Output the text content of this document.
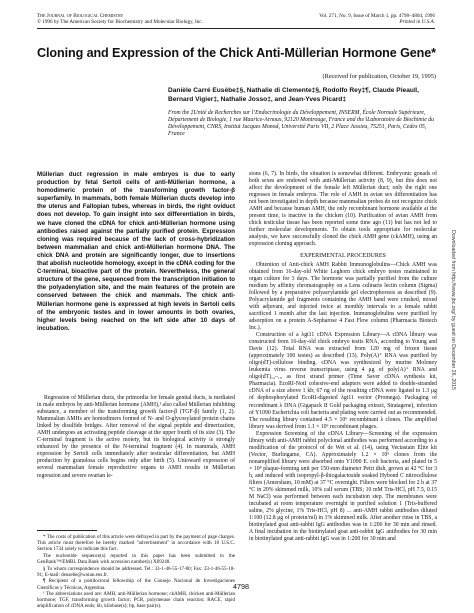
The Journal of Biological Chemistry
© 1996 by The American Society for Biochemistry and Molecular Biology, Inc.
Vol. 271, No. 9, Issue of March 1, pp. 4798–4804, 1996
Printed in U.S.A.
Cloning and Expression of the Chick Anti-Müllerian Hormone Gene*
(Received for publication, October 19, 1995)
Danièle Carré Eusèbe‡§, Nathalie di Clemente‡§, Rodolfo Rey‡¶, Claude Pieau‖, Bernard Vigier‡, Nathalie Josso‡, and Jean-Yves Picard‡
From the ‡Unité de Recherches sur l’Endocrinologie du Développement, INSERM, École Normale Supérieure, Département de Biologie, 1 rue Maurice-Arnoux, 92120 Montrouge, France and the ‖Laboratoire de Biochimie du Développement, CNRS, Institut Jacques Monod, Université Paris VII, 2 Place Jussieu, 75251, Paris, Cedex 05, France
Müllerian duct regression in male embryos is due to early production by fetal Sertoli cells of anti-Müllerian hormone, a homodimeric protein of the transforming growth factor-β superfamily. In mammals, both female Müllerian ducts develop into the uterus and Fallopian tubes, whereas in birds, the right oviduct does not develop. To gain insight into sex differentiation in birds, we have cloned the cDNA for chick anti-Müllerian hormone using antibodies raised against the partially purified protein. Expression cloning was required because of the lack of cross-hybridization between mammalian and chick anti-Müllerian hormone DNA. The chick DNA and protein are significantly longer, due to insertions that abolish nucleotide homology, except in the cDNA coding for the C-terminal, bioactive part of the protein. Nevertheless, the general structure of the gene, sequenced from the transcription initiation to the polyadenylation site, and the main features of the protein are conserved between the chick and mammals. The chick anti-Müllerian hormone gene is expressed at high levels in Sertoli cells of the embryonic testes and in lower amounts in both ovaries, higher levels being reached on the left side after 10 days of incubation.

Regression of Müllerian ducts, the primordia for female genital ducts, is mediated in male embryos by anti-Müllerian hormone (AMH),¹ also called Müllerian inhibiting substance, a member of the transforming growth factor-β (TGF-β) family (1, 2). Mammalian AMHs are homodimers formed of N- and O-glycosylated protein chains linked by disulfide bridges. After removal of the signal peptide and dimerization, AMH undergoes an activating peptide cleavage at the upper fourth of its size (3). The C-terminal fragment is the active moiety, but its biological activity is strongly enhanced by the presence of the N-terminal fragment (4). In mammals, AMH expression by Sertoli cells immediately after testicular differentiation, but AMH production by granulosa cells begins only after birth (5). Untoward expression of several mammalian female reproductive organs to AMH results in Müllerian regression and severe ovarian le-

sions (6, 7). In birds, the situation is somewhat different. Embryonic gonads of both sexes are endowed with anti-Müllerian activity (8, 9), but this does not affect the development of the female left Müllerian duct; only the right one regresses in female embryos. The role of AMH in avian sex differentiation has not been investigated in depth because mammalian probes do not recognize chick AMH and because human AMH, the only recombinant hormone available at the present time, is inactive in the chicken (10). Purification of avian AMH from chick testicular tissue has been reported some time ago (11) but has not led to further molecular developments. To obtain tools appropriate for molecular analysis, we have successfully cloned the chick AMH gene (ckAMH), using an expression cloning approach.

EXPERIMENTAL PROCEDURES

Obtention of Anti-chick AMH Rabbit Immunoglobulins—Chick AMH was obtained from 16-day-old White Leghorn chick embryo testes maintained in organ culture for 3 days. The hormone was partially purified from the culture medium by affinity chromatography on a Lens culinaris lectin column (Sigma) followed by a preparative polyacrylamide gel electrophoresis as described (9). Polyacrylamide gel fragments containing the AMH band were crushed, mixed with adjuvant, and injected twice at monthly intervals to a female rabbit sacrificed 1 month after the last injection. Immunoglobulins were purified by adsorption on a protein A-Sepharose 4 Fast Flow column (Pharmacia Biotech Inc.).

Construction of a λgt11 cDNA Expression Library—A cDNA library was constructed from 16-day-old chick embryo testis RNA, according to Young and Davis (12). Total RNA was extracted from 120 mg of frozen tissue (approximately 100 testes) as described (13). Poly(A)⁺ RNA was purified by oligo(dT)-cellulose binding. cDNA was synthesized by murine Moloney leukemia virus reverse transcriptase, using 4 μg of poly(A)⁺ RNA and oligo(dT)₁₂–₁₈ as first strand primer (Time Saver cDNA synthesis kit, Pharmacia). EcoRI-NotI cohesive-end adapters were added to double-stranded cDNA of a size above 1 kb; 67 ng of the resulting cDNA were ligated to 1.3 μg of dephosphorylated EcoRI-digested λgt11 vector (Promega). Packaging of recombinant λ DNA (Gigapack II Gold packaging extract, Stratagene), infection of Y1090 Escherichia coli bacteria and plating were carried out as recommended. The resulting library contained 4.5 × 10⁶ recombinant λ clones. The amplified library was derived from 1.1 × 10⁶ recombinant phages.

Expression Screening of the cDNA Library—Screening of the expression library with anti-AMH rabbit polyclonal antibodies was performed according to a modification of the protocol of de Wet et al. (14), using Vectastain Elite kit (Vector, Burlingame, CA). Approximately 1.2 × 10⁶ clones from the nonamplified library were absorbed onto Y1090 E. coli bacteria, and plated in 5 × 10⁴ plaque-forming unit per 150-mm diameter Petri dish, grown at 42 °C for 3 h, and induced with isopropyl-β-thiogalactoside soaked Hybond C nitrocellulose filters (Amersham, 10 mM) at 37 °C overnight. Filters were blocked for 2 h at 37 °C in 20% skimmed milk, 10% calf serum (TBS; 10 mM Tris-HCl, pH 7.5, 0.15 M NaCl) was performed between each incubation step. The membranes were incubated at room temperature overnight in purified solution 1 (Tris-buffered saline, 2% glycine, 1% Tris-HCl, pH 8) ... anti-AMH rabbit antibodies diluted 1:100 (12.8 μg of protein/ml) in 1% skimmed milk. After another rinse in TBS, a biotinylated goat anti-rabbit IgG antibodies was in 1:200 for 30 min and rinsed. A final incubation in the biotinylated goat anti-rabbit IgG antibodies for 30 min in biotinylated goat anti-rabbit IgG was in 1:200 for 30 min and

* The costs of publication of this article were defrayed in part by the payment of page charges. This article must therefore be hereby marked "advertisement" in accordance with 18 U.S.C. Section 1734 solely to indicate this fact.

The nucleotide sequence(s) reported in this paper has been submitted to the GenBank™/EMBL Data Bank with accession number(s) X69248.

§ To whom correspondence should be addressed. Tel.: 33-1-46-55-17-80; Fax: 33-1-46-55-18-91; E-mail: deusebe@wotan.ens.fr.

¶ Recipient of a postdoctoral fellowship of the Consejo Nacional de Investigaciones Científicas y Técnicas, Argentina.

¹ The abbreviations used are: AMH, anti-Müllerian hormone; ckAMH, chicken anti-Müllerian hormone; TGF, transforming growth factor; PCR, polymerase chain reaction; RACE, rapid amplification of cDNA ends; kb, kilobase(s); bp, base pair(s).

4798
Downloaded from http://www.jbc.org/ by guest on December 26, 2015
